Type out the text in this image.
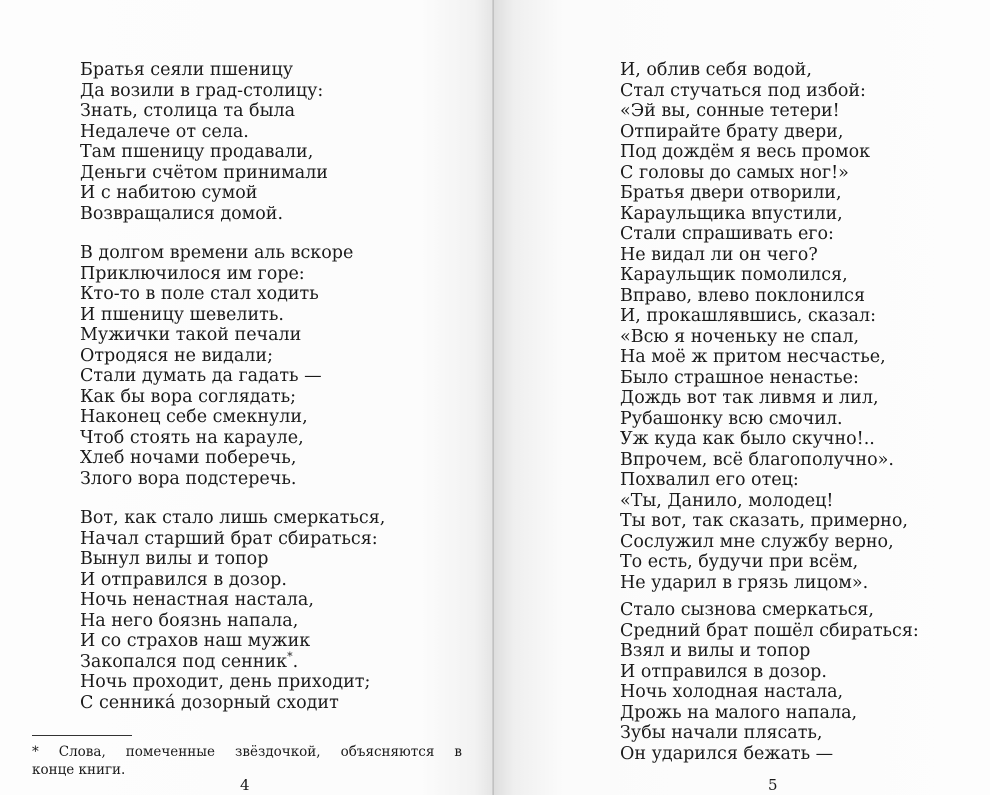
Братья сеяли пшеницу
Да возили в град-столицу:
Знать, столица та была
Недалече от села.
Там пшеницу продавали,
Деньги счётом принимали
И с набитою сумой
Возвращалися домой.
В долгом времени аль вскоре
Приключилося им горе:
Кто-то в поле стал ходить
И пшеницу шевелить.
Мужички такой печали
Отродяся не видали;
Стали думать да гадать —
Как бы вора соглядать;
Наконец себе смекнули,
Чтоб стоять на карауле,
Хлеб ночами поберечь,
Злого вора подстеречь.
Вот, как стало лишь смеркаться,
Начал старший брат сбираться:
Вынул вилы и топор
И отправился в дозор.
Ночь ненастная настала,
На него боязнь напала,
И со страхов наш мужик
Закопался под сенник*.
Ночь проходит, день приходит;
С сенника́ дозорный сходит
* Слова, помеченные звёздочкой, объясняются в
конце книги.
4
И, облив себя водой,
Стал стучаться под избой:
«Эй вы, сонные тетери!
Отпирайте брату двери,
Под дождём я весь промок
С головы до самых ног!»
Братья двери отворили,
Караульщика впустили,
Стали спрашивать его:
Не видал ли он чего?
Караульщик помолился,
Вправо, влево поклонился
И, прокашлявшись, сказал:
«Всю я ноченьку не спал,
На моё ж притом несчастье,
Было страшное ненастье:
Дождь вот так ливмя и лил,
Рубашонку всю смочил.
Уж куда как было скучно!..
Впрочем, всё благополучно».
Похвалил его отец:
«Ты, Данило, молодец!
Ты вот, так сказать, примерно,
Сослужил мне службу верно,
То есть, будучи при всём,
Не ударил в грязь лицом».
Стало сызнова смеркаться,
Средний брат пошёл сбираться:
Взял и вилы и топор
И отправился в дозор.
Ночь холодная настала,
Дрожь на малого напала,
Зубы начали плясать,
Он ударился бежать —
5
